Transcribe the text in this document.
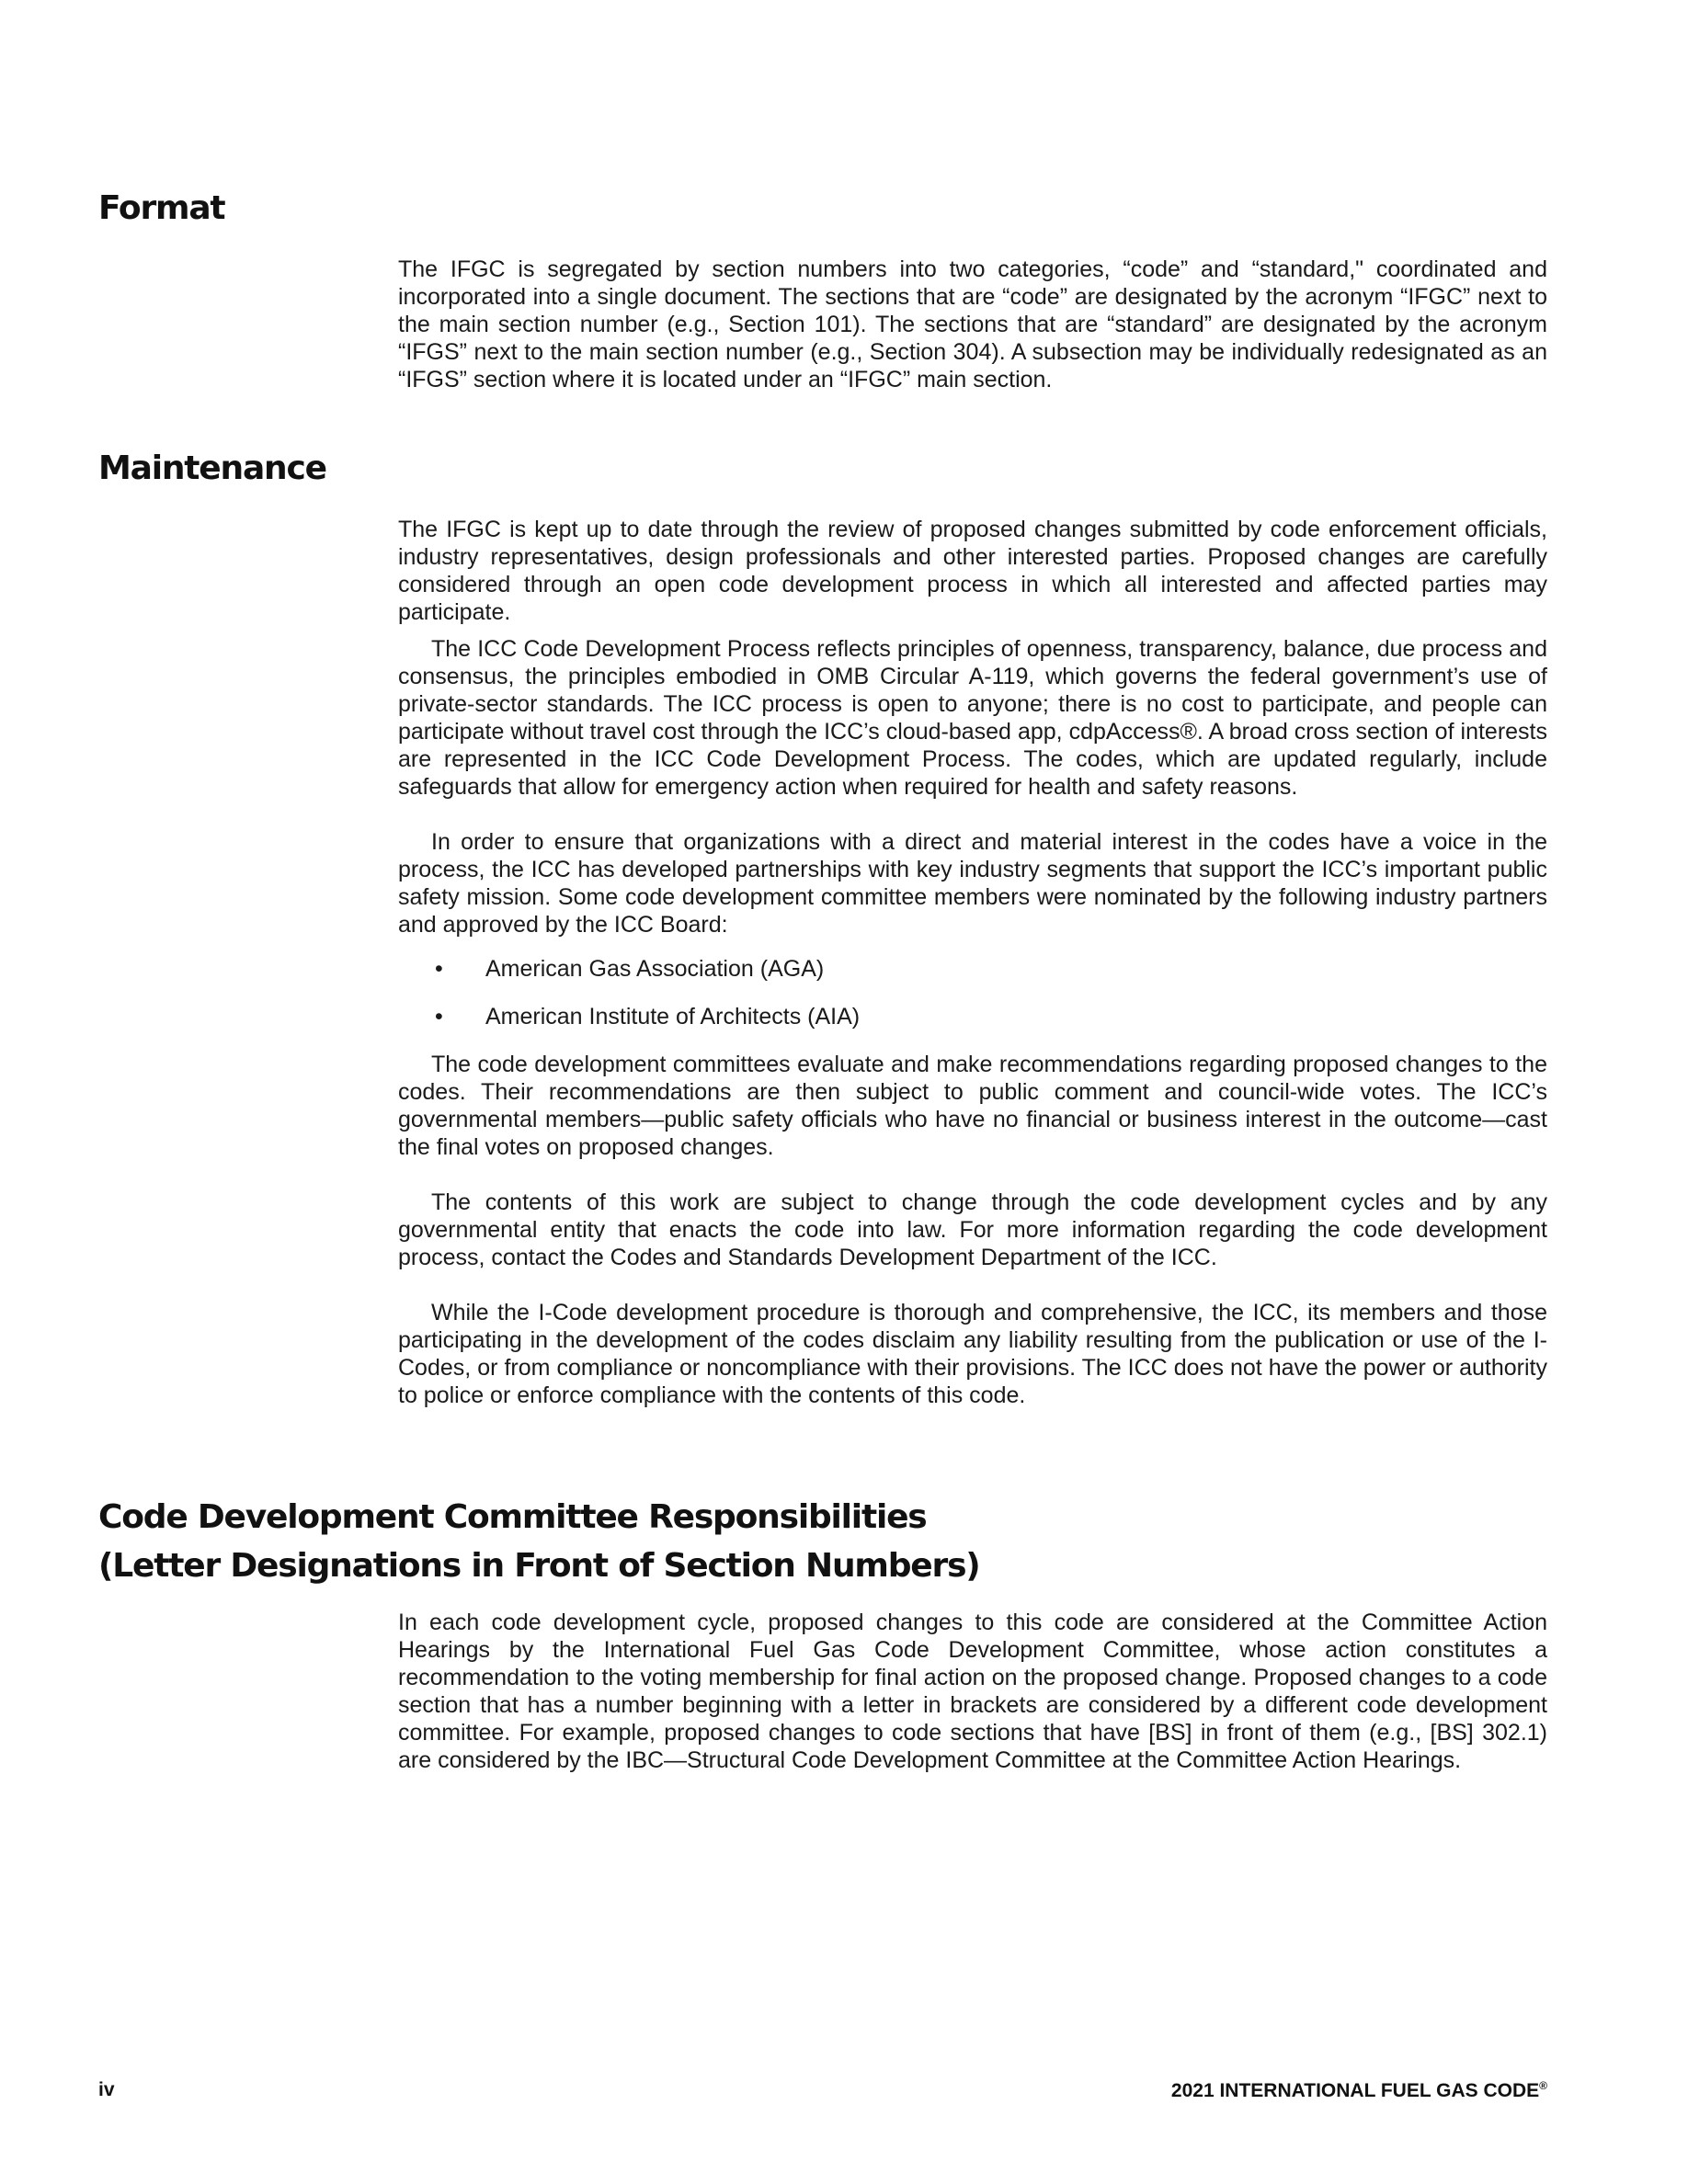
Format

The IFGC is segregated by section numbers into two categories, “code” and “standard," coordinated and incorporated into a single document. The sections that are “code” are designated by the acronym “IFGC” next to the main section number (e.g., Section 101). The sections that are “standard” are designated by the acronym “IFGS” next to the main section number (e.g., Section 304). A subsection may be individually redesignated as an “IFGS” section where it is located under an “IFGC” main section.

Maintenance

The IFGC is kept up to date through the review of proposed changes submitted by code enforcement officials, industry representatives, design professionals and other interested parties. Proposed changes are carefully considered through an open code development process in which all interested and affected parties may participate.

The ICC Code Development Process reflects principles of openness, transparency, balance, due process and consensus, the principles embodied in OMB Circular A-119, which governs the federal government’s use of private-sector standards. The ICC process is open to anyone; there is no cost to participate, and people can participate without travel cost through the ICC’s cloud-based app, cdpAccess®. A broad cross section of interests are represented in the ICC Code Development Process. The codes, which are updated regularly, include safeguards that allow for emergency action when required for health and safety reasons.

In order to ensure that organizations with a direct and material interest in the codes have a voice in the process, the ICC has developed partnerships with key industry segments that support the ICC’s important public safety mission. Some code development committee members were nominated by the following industry partners and approved by the ICC Board:

• American Gas Association (AGA)
• American Institute of Architects (AIA)

The code development committees evaluate and make recommendations regarding proposed changes to the codes. Their recommendations are then subject to public comment and council-wide votes. The ICC’s governmental members—public safety officials who have no financial or business interest in the outcome—cast the final votes on proposed changes.

The contents of this work are subject to change through the code development cycles and by any governmental entity that enacts the code into law. For more information regarding the code development process, contact the Codes and Standards Development Department of the ICC.

While the I-Code development procedure is thorough and comprehensive, the ICC, its members and those participating in the development of the codes disclaim any liability resulting from the publication or use of the I-Codes, or from compliance or noncompliance with their provisions. The ICC does not have the power or authority to police or enforce compliance with the contents of this code.

Code Development Committee Responsibilities
(Letter Designations in Front of Section Numbers)

In each code development cycle, proposed changes to this code are considered at the Committee Action Hearings by the International Fuel Gas Code Development Committee, whose action constitutes a recommendation to the voting membership for final action on the proposed change. Proposed changes to a code section that has a number beginning with a letter in brackets are considered by a different code development committee. For example, proposed changes to code sections that have [BS] in front of them (e.g., [BS] 302.1) are considered by the IBC—Structural Code Development Committee at the Committee Action Hearings.

iv	2021 INTERNATIONAL FUEL GAS CODE®
